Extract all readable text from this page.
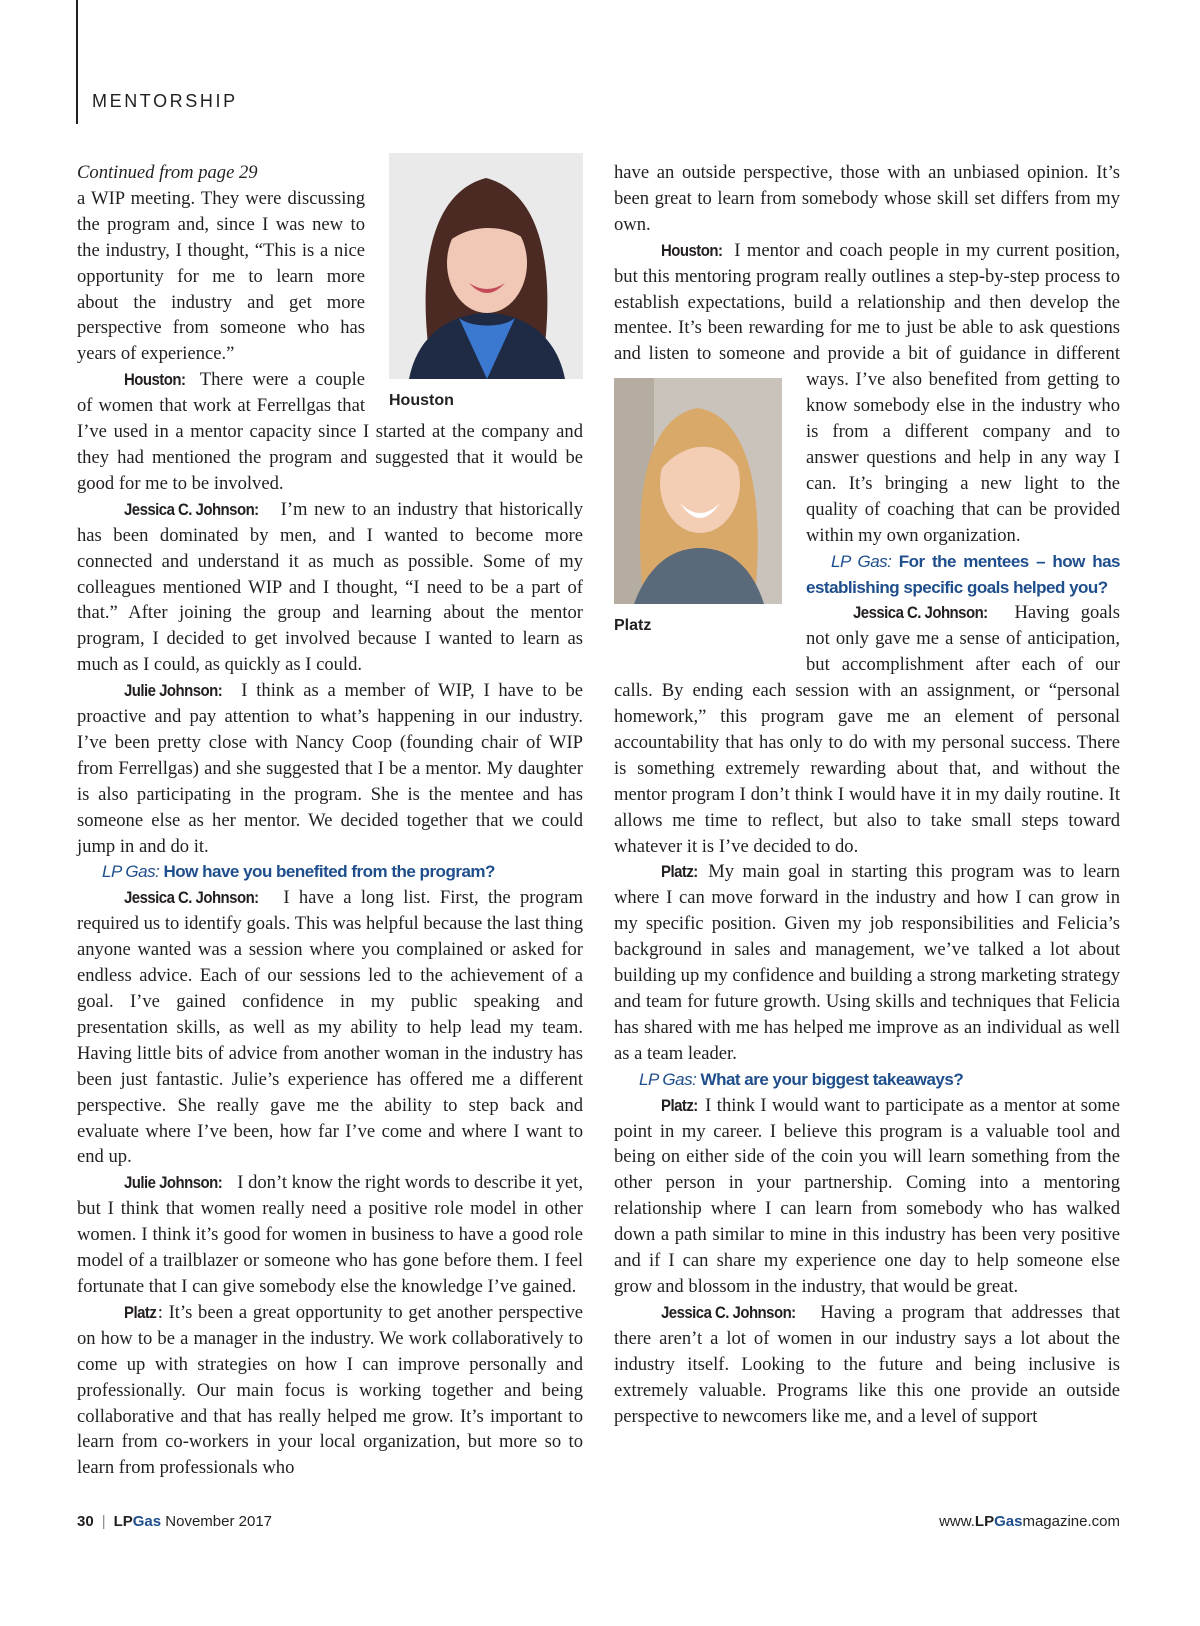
MENTORSHIP
Houston

Continued from page 29

a WIP meeting. They were discussing the program and, since I was new to the industry, I thought, “This is a nice opportunity for me to learn more about the industry and get more perspective from someone who has years of experience.”

Houston: There were a couple of women that work at Ferrellgas that I’ve used in a mentor capacity since I started at the company and they had mentioned the program and suggested that it would be good for me to be involved.

Jessica C. Johnson: I’m new to an industry that historically has been dominated by men, and I wanted to become more connected and understand it as much as possible. Some of my colleagues mentioned WIP and I thought, “I need to be a part of that.” After joining the group and learning about the mentor program, I decided to get involved because I wanted to learn as much as I could, as quickly as I could.

Julie Johnson: I think as a member of WIP, I have to be proactive and pay attention to what’s happening in our industry. I’ve been pretty close with Nancy Coop (founding chair of WIP from Ferrellgas) and she suggested that I be a mentor. My daughter is also participating in the program. She is the mentee and has someone else as her mentor. We decided together that we could jump in and do it.

LP Gas: How have you benefited from the program?

Jessica C. Johnson: I have a long list. First, the program required us to identify goals. This was helpful because the last thing anyone wanted was a session where you complained or asked for endless advice. Each of our sessions led to the achievement of a goal. I’ve gained confidence in my public speaking and presentation skills, as well as my ability to help lead my team. Having little bits of advice from another woman in the industry has been just fantastic. Julie’s experience has offered me a different perspective. She really gave me the ability to step back and evaluate where I’ve been, how far I’ve come and where I want to end up.

Julie Johnson: I don’t know the right words to describe it yet, but I think that women really need a positive role model in other women. I think it’s good for women in business to have a good role model of a trailblazer or someone who has gone before them. I feel fortunate that I can give somebody else the knowledge I’ve gained.

Platz: It’s been a great opportunity to get another perspective on how to be a manager in the industry. We work collaboratively to come up with strategies on how I can improve personally and professionally. Our main focus is working together and being collaborative and that has really helped me grow. It’s important to learn from co-workers in your local organization, but more so to learn from professionals who

have an outside perspective, those with an unbiased opinion. It’s been great to learn from somebody whose skill set differs from my own.

Houston: I mentor and coach people in my current position, but this mentoring program really outlines a step-by-step process to establish expectations, build a relationship and then develop the mentee. It’s been rewarding for me to just be able to ask questions and listen to someone and provide a bit of guidance in different ways. I’ve also benefited from getting to know somebody else in the industry who is from a different company and to answer questions and help in any way I can. It’s bringing a new light to the quality of coaching that can be provided within my own organization.

Platz

LP Gas: For the mentees – how has establishing specific goals helped you?

Jessica C. Johnson: Having goals not only gave me a sense of anticipation, but accomplishment after each of our calls. By ending each session with an assignment, or “personal homework,” this program gave me an element of personal accountability that has only to do with my personal success. There is something extremely rewarding about that, and without the mentor program I don’t think I would have it in my daily routine. It allows me time to reflect, but also to take small steps toward whatever it is I’ve decided to do.

Platz: My main goal in starting this program was to learn where I can move forward in the industry and how I can grow in my specific position. Given my job responsibilities and Felicia’s background in sales and management, we’ve talked a lot about building up my confidence and building a strong marketing strategy and team for future growth. Using skills and techniques that Felicia has shared with me has helped me improve as an individual as well as a team leader.

LP Gas: What are your biggest takeaways?

Platz: I think I would want to participate as a mentor at some point in my career. I believe this program is a valuable tool and being on either side of the coin you will learn something from the other person in your partnership. Coming into a mentoring relationship where I can learn from somebody who has walked down a path similar to mine in this industry has been very positive and if I can share my experience one day to help someone else grow and blossom in the industry, that would be great.

Jessica C. Johnson: Having a program that addresses that there aren’t a lot of women in our industry says a lot about the industry itself. Looking to the future and being inclusive is extremely valuable. Programs like this one provide an outside perspective to newcomers like me, and a level of support

30 | LPGas November 2017	www.LPGasmagazine.com
